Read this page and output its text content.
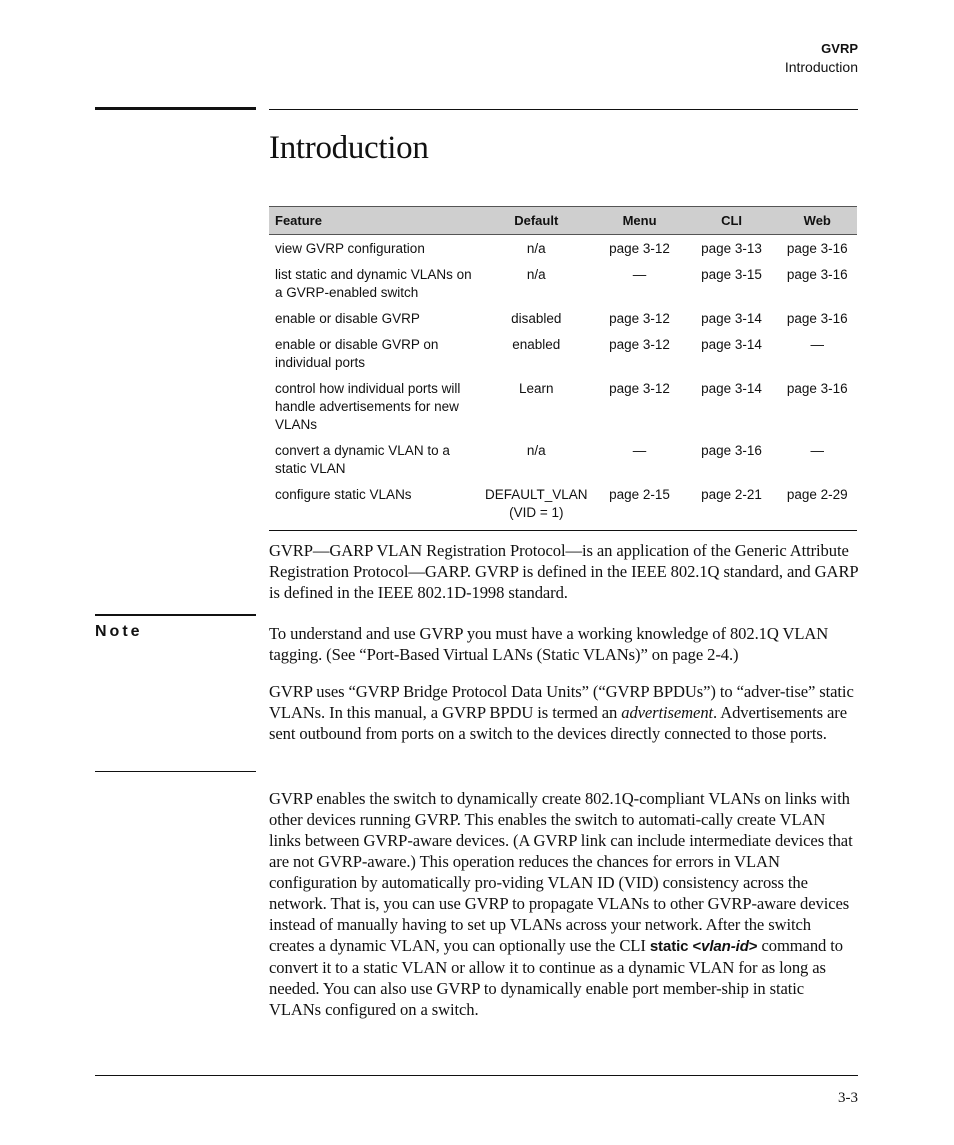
GVRP
Introduction
Introduction
Feature	Default	Menu	CLI	Web
view GVRP configuration	n/a	page 3-12	page 3-13	page 3-16
list static and dynamic VLANs on a GVRP-enabled switch	n/a	—	page 3-15	page 3-16
enable or disable GVRP	disabled	page 3-12	page 3-14	page 3-16
enable or disable GVRP on individual ports	enabled	page 3-12	page 3-14	—
control how individual ports will handle advertisements for new VLANs	Learn	page 3-12	page 3-14	page 3-16
convert a dynamic VLAN to a static VLAN	n/a	—	page 3-16	—
configure static VLANs	DEFAULT_VLAN (VID = 1)	page 2-15	page 2-21	page 2-29

GVRP—GARP VLAN Registration Protocol—is an application of the Generic Attribute Registration Protocol—GARP. GVRP is defined in the IEEE 802.1Q standard, and GARP is defined in the IEEE 802.1D-1998 standard.

Note	To understand and use GVRP you must have a working knowledge of 802.1Q VLAN tagging. (See “Port-Based Virtual LANs (Static VLANs)” on page 2-4.)

GVRP uses “GVRP Bridge Protocol Data Units” (“GVRP BPDUs”) to “adver-tise” static VLANs. In this manual, a GVRP BPDU is termed an advertisement. Advertisements are sent outbound from ports on a switch to the devices directly connected to those ports.

GVRP enables the switch to dynamically create 802.1Q-compliant VLANs on links with other devices running GVRP. This enables the switch to automati-cally create VLAN links between GVRP-aware devices. (A GVRP link can include intermediate devices that are not GVRP-aware.) This operation reduces the chances for errors in VLAN configuration by automatically pro-viding VLAN ID (VID) consistency across the network. That is, you can use GVRP to propagate VLANs to other GVRP-aware devices instead of manually having to set up VLANs across your network. After the switch creates a dynamic VLAN, you can optionally use the CLI static <vlan-id> command to convert it to a static VLAN or allow it to continue as a dynamic VLAN for as long as needed. You can also use GVRP to dynamically enable port member-ship in static VLANs configured on a switch.

3-3
